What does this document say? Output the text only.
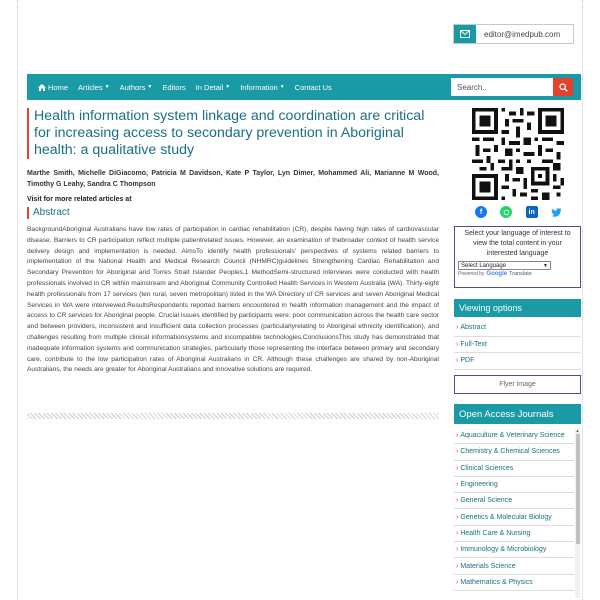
editor@imedpub.com
Home Articles ▼ Authors ▼ Editors In Detail ▼ Information ▼ Contact Us
Search..
Health information system linkage and coordination are critical for increasing access to secondary prevention in Aboriginal health: a qualitative study
Marthe Smith, Michelle DiGiacomo, Patricia M Davidson, Kate P Taylor, Lyn Dimer, Mohammed Ali, Marianne M Wood, Timothy G Leahy, Sandra C Thompson
Visit for more related articles at
Abstract
BackgroundAboriginal Australians have low rates of participation in cardiac rehabilitation (CR), despite having high rates of cardiovascular disease. Barriers to CR participation reflect multiple patientrelated issues. However, an examination of thebroader context of health service delivery design and implementation is needed. AimsTo identify health professionals' perspectives of systems related barriers to implementation of the National Health and Medical Research Council (NHMRC)guidelines Strengthening Cardiac Rehabilitation and Secondary Prevention for Aboriginal and Torres Strait Islander Peoples.1 MethodSemi-structured interviews were conducted with health professionals involved in CR within mainstream and Aboriginal Community Controlled Health Services in Western Australia (WA). Thirty-eight health professionals from 17 services (ten rural, seven metropolitan) listed in the WA Directory of CR services and seven Aboriginal Medical Services in WA were interviewed.ResultsRespondents reported barriers encountered in health information management and the impact of access to CR services for Aboriginal people. Crucial issues identified by participants were: poor communication across the health care sector and between providers, inconsistent and insufficient data collection processes (particularlyrelating to Aboriginal ethnicity identification), and challenges resulting from multiple clinical informationsystems and incompatible technologies.ConclusionsThis study has demonstrated that inadequate information systems and communication strategies, particularly those representing the interface between primary and secondary care, contribute to the low participation rates of Aboriginal Australians in CR. Although these challenges are shared by non-Aboriginal Australians, the needs are greater for Aboriginal Australians and innovative solutions are required.
f	in
Select your language of interest to view the total content in your interested language
Select Language	▼
Powered by Google Translate
Viewing options
› Abstract
› Full-Text
› PDF
Flyer image
Open Access Journals
› Aquaculture & Veterinary Science
› Chemistry & Chemical Sciences
› Clinical Sciences
› Engineering
› General Science
› Genetics & Molecular Biology
› Health Care & Nursing
› Immunology & Microbiology
› Materials Science
› Mathematics & Physics
▲
